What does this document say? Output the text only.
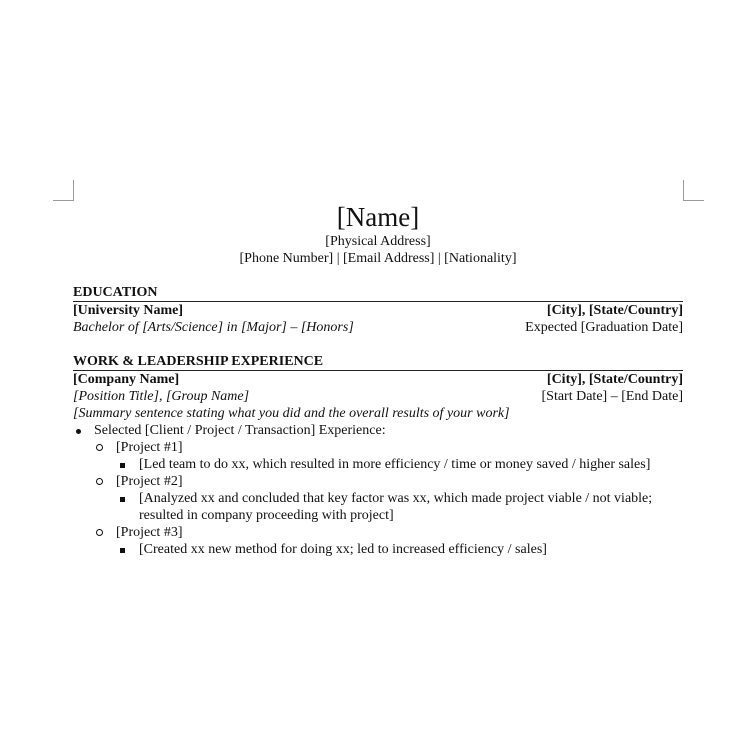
[Name]
[Physical Address]
[Phone Number] | [Email Address] | [Nationality]
EDUCATION
[University Name]	[City], [State/Country]
Bachelor of [Arts/Science] in [Major] – [Honors]	Expected [Graduation Date]
WORK & LEADERSHIP EXPERIENCE
[Company Name]	[City], [State/Country]
[Position Title], [Group Name]	[Start Date] – [End Date]
[Summary sentence stating what you did and the overall results of your work]
Selected [Client / Project / Transaction] Experience:
[Project #1]
[Led team to do xx, which resulted in more efficiency / time or money saved / higher sales]
[Project #2]
[Analyzed xx and concluded that key factor was xx, which made project viable / not viable;
resulted in company proceeding with project]
[Project #3]
[Created xx new method for doing xx; led to increased efficiency / sales]
